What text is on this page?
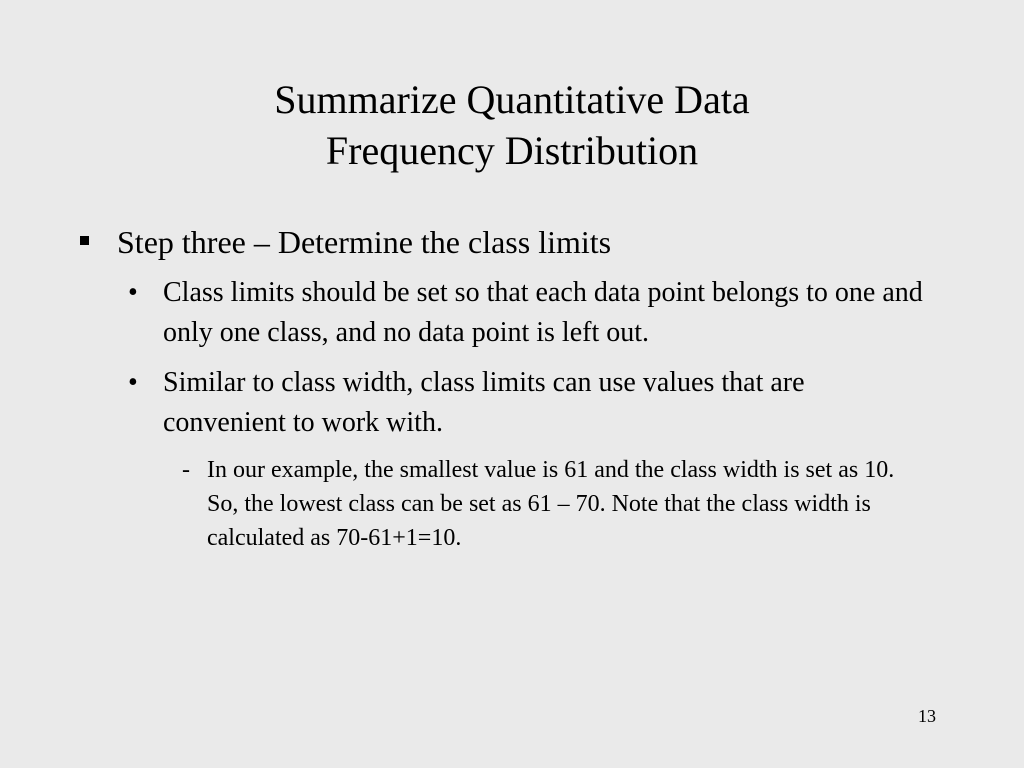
Summarize Quantitative Data
Frequency Distribution
Step three – Determine the class limits
• Class limits should be set so that each data point belongs to one and only one class, and no data point is left out.
• Similar to class width, class limits can use values that are convenient to work with.
- In our example, the smallest value is 61 and the class width is set as 10. So, the lowest class can be set as 61 – 70. Note that the class width is calculated as 70-61+1=10.
13
